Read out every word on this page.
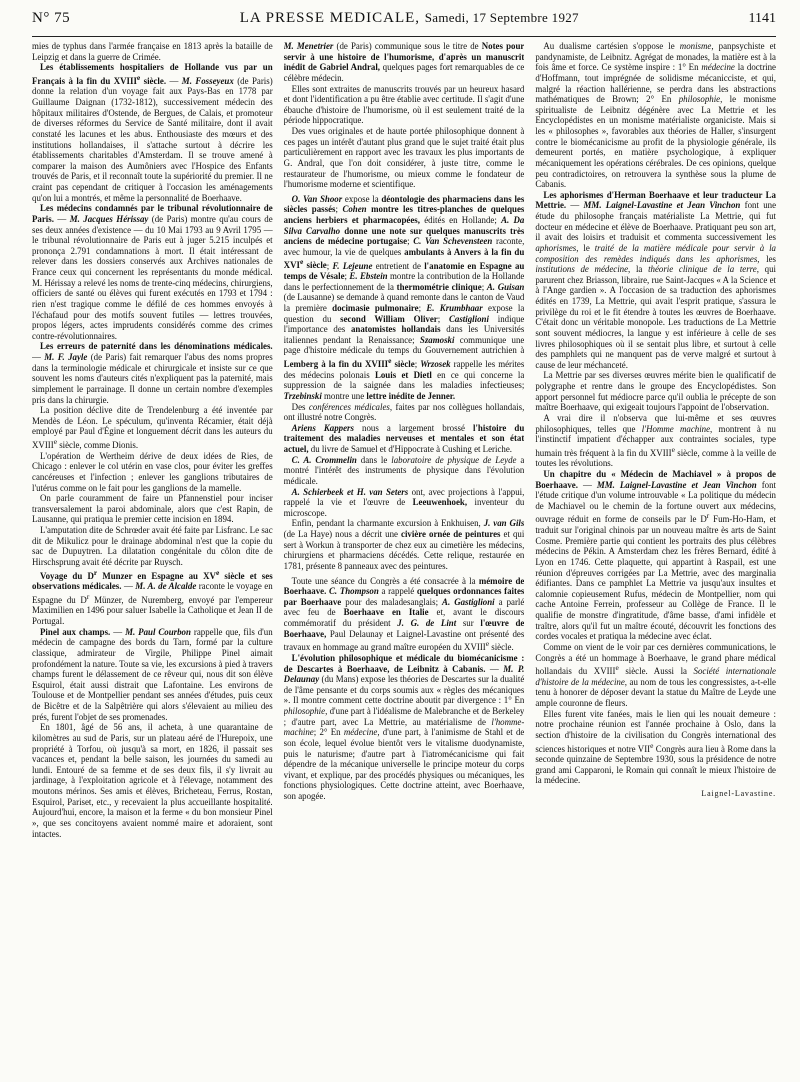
N° 75	LA PRESSE MEDICALE, Samedi, 17 Septembre 1927	1141

mies de typhus dans l'armée française en 1813 après la bataille de Leipzig et dans la guerre de Crimée.

Les établissements hospitaliers de Hollande vus par un Français à la fin du XVIIIe siècle. — M. Fosseyeux (de Paris) donne la relation d'un voyage fait aux Pays-Bas en 1778 par Guillaume Daignan (1732-1812), successivement médecin des hôpitaux militaires d'Ostende, de Bergues, de Calais, et promoteur de diverses réformes du Service de Santé militaire, dont il avait constaté les lacunes et les abus. Enthousiaste des mœurs et des institutions hollandaises, il s'attache surtout à décrire les établissements charitables d'Amsterdam. Il se trouve amené à comparer la maison des Aumôniers avec l'Hospice des Enfants trouvés de Paris, et il reconnaît toute la supériorité du premier. Il ne craint pas cependant de critiquer à l'occasion les aménagements qu'on lui a montrés, et même la personnalité de Boerhaave.

Les médecins condamnés par le tribunal révolutionnaire de Paris. — M. Jacques Hérissay (de Paris) montre qu'au cours de ses deux années d'existence — du 10 Mai 1793 au 9 Avril 1795 — le tribunal révolutionnaire de Paris eut à juger 5.215 inculpés et prononça 2.791 condamnations à mort. Il était intéressant de relever dans les dossiers conservés aux Archives nationales de France ceux qui concernent les représentants du monde médical. M. Hérissay a relevé les noms de trente-cinq médecins, chirurgiens, officiers de santé ou élèves qui furent exécutés en 1793 et 1794 : rien n'est tragique comme le défilé de ces hommes envoyés à l'échafaud pour des motifs souvent futiles — lettres trouvées, propos légers, actes imprudents considérés comme des crimes contre-révolutionnaires.

Les erreurs de paternité dans les dénominations médicales. — M. F. Jayle (de Paris) fait remarquer l'abus des noms propres dans la terminologie médicale et chirurgicale et insiste sur ce que souvent les noms d'auteurs cités n'expliquent pas la paternité, mais simplement le parrainage. Il donne un certain nombre d'exemples pris dans la chirurgie.

La position déclive dite de Trendelenburg a été inventée par Mendès de Léon. Le spéculum, qu'inventa Récamier, était déjà employé par Paul d'Égine et longuement décrit dans les auteurs du XVIIIe siècle, comme Dionis.

L'opération de Wertheim dérive de deux idées de Ries, de Chicago : enlever le col utérin en vase clos, pour éviter les greffes cancéreuses et l'infection ; enlever les ganglions tributaires de l'utérus comme on le fait pour les ganglions de la mamelle.

On parle couramment de faire un Pfannenstiel pour inciser transversalement la paroi abdominale, alors que c'est Rapin, de Lausanne, qui pratiqua le premier cette incision en 1894.

L'amputation dite de Schrœder avait été faite par Lisfranc. Le sac dit de Mikulicz pour le drainage abdominal n'est que la copie du sac de Dupuytren. La dilatation congénitale du côlon dite de Hirschsprung avait été décrite par Ruysch.

Voyage du $D^r$ Munzer en Espagne au XVe siècle et ses observations médicales. — M. A. de Alcalde raconte le voyage en Espagne du $D^r$ Münzer, de Nuremberg, envoyé par l'empereur Maximilien en 1496 pour saluer Isabelle la Catholique et Jean II de Portugal.

Pinel aux champs. — M. Paul Courbon rappelle que, fils d'un médecin de campagne des bords du Tarn, formé par la culture classique, admirateur de Virgile, Philippe Pinel aimait profondément la nature. Toute sa vie, les excursions à pied à travers champs furent le délassement de ce rêveur qui, nous dit son élève Esquirol, était aussi distrait que Lafontaine. Les environs de Toulouse et de Montpellier pendant ses années d'études, puis ceux de Bicêtre et de la Salpêtrière qui alors s'élevaient au milieu des prés, furent l'objet de ses promenades.

En 1801, âgé de 56 ans, il acheta, à une quarantaine de kilomètres au sud de Paris, sur un plateau aéré de l'Hurepoix, une propriété à Torfou, où jusqu'à sa mort, en 1826, il passait ses vacances et, pendant la belle saison, les journées du samedi au lundi. Entouré de sa femme et de ses deux fils, il s'y livrait au jardinage, à l'exploitation agricole et à l'élevage, notamment des moutons mérinos. Ses amis et élèves, Bricheteau, Ferrus, Rostan, Esquirol, Pariset, etc., y recevaient la plus accueillante hospitalité. Aujourd'hui, encore, la maison et la ferme « du bon monsieur Pinel », que ses concitoyens avaient nommé maire et adoraient, sont intactes.

M. Menetrier (de Paris) communique sous le titre de Notes pour servir à une histoire de l'humorisme, d'après un manuscrit inédit de Gabriel Andral, quelques pages fort remarquables de ce célèbre médecin.

Elles sont extraites de manuscrits trouvés par un heureux hasard et dont l'identification a pu être établie avec certitude. Il s'agit d'une ébauche d'histoire de l'humorisme, où il est seulement traité de la période hippocratique.

Des vues originales et de haute portée philosophique donnent à ces pages un intérêt d'autant plus grand que le sujet traité était plus particulièrement en rapport avec les travaux les plus importants de G. Andral, que l'on doit considérer, à juste titre, comme le restaurateur de l'humorisme, ou mieux comme le fondateur de l'humorisme moderne et scientifique.

O. Van Shoor expose la déontologie des pharmaciens dans les siècles passés; Cohen montre les titres-planches de quelques anciens herbiers et pharmacopées, édités en Hollande; A. Da Silva Carvalho donne une note sur quelques manuscrits très anciens de médecine portugaise; C. Van Schevensteen raconte, avec humour, la vie de quelques ambulants à Anvers à la fin du XVIe siècle; F. Lejeune entretient de l'anatomie en Espagne au temps de Vésale; E. Ebstein montre la contribution de la Hollande dans le perfectionnement de la thermométrie clinique; A. Guisan (de Lausanne) se demande à quand remonte dans le canton de Vaud la première docimasie pulmonaire; E. Krumbhaar expose la question du second William Oliver; Castiglioni indique l'importance des anatomistes hollandais dans les Universités italiennes pendant la Renaissance; Szamoski communique une page d'histoire médicale du temps du Gouvernement autrichien à Lemberg à la fin du XVIIIe siècle; Wrzosek rappelle les mérites des médecins polonais Louis et Dietl en ce qui concerne la suppression de la saignée dans les maladies infectieuses; Trzebinski montre une lettre inédite de Jenner.

Des conférences médicales, faites par nos collègues hollandais, ont illustré notre Congrès.

Ariens Kappers nous a largement brossé l'histoire du traitement des maladies nerveuses et mentales et son état actuel, du livre de Samuel et d'Hippocrate à Cushing et Leriche.

C. A. Crommelin dans le laboratoire de physique de Leyde a montré l'intérêt des instruments de physique dans l'évolution médicale.

A. Schierbeek et H. van Seters ont, avec projections à l'appui, rappelé la vie et l'œuvre de Leeuwenhoek, inventeur du microscope.

Enfin, pendant la charmante excursion à Enkhuisen, J. van Gils (de La Haye) nous a décrit une civière ornée de peintures et qui sert à Workun à transporter de chez eux au cimetière les médecins, chirurgiens et pharmaciens décédés. Cette relique, restaurée en 1781, présente 8 panneaux avec des peintures.

Toute une séance du Congrès a été consacrée à la mémoire de Boerhaave. C. Thompson a rappelé quelques ordonnances faites par Boerhaave pour des maladesanglais; A. Gastiglioni a parlé avec feu de Boerhaave en Italie et, avant le discours commémoratif du président J. G. de Lint sur l'œuvre de Boerhaave, Paul Delaunay et Laignel-Lavastine ont présenté des travaux en hommage au grand maître européen du XVIIIe siècle.

L'évolution philosophique et médicale du biomécanicisme : de Descartes à Boerhaave, de Leibnitz à Cabanis. — M. P. Delaunay (du Mans) expose les théories de Descartes sur la dualité de l'âme pensante et du corps soumis aux « règles des mécaniques ». Il montre comment cette doctrine aboutit par divergence : 1° En philosophie, d'une part à l'idéalisme de Malebranche et de Berkeley ; d'autre part, avec La Mettrie, au matérialisme de l'homme-machine; 2° En médecine, d'une part, à l'animisme de Stahl et de son école, lequel évolue bientôt vers le vitalisme duodynamiste, puis le naturisme; d'autre part à l'iatromécanicisme qui fait dépendre de la mécanique universelle le principe moteur du corps vivant, et explique, par des procédés physiques ou mécaniques, les fonctions physiologiques. Cette doctrine atteint, avec Boerhaave, son apogée.

Au dualisme cartésien s'oppose le monisme, panpsychiste et pandynamiste, de Leibnitz. Agrégat de monades, la matière est à la fois âme et force. Ce système inspire : 1° En médecine la doctrine d'Hoffmann, tout imprégnée de solidisme mécanicciste, et qui, malgré la réaction hallérienne, se perdra dans les abstractions mathématiques de Brown; 2° En philosophie, le monisme spiritualiste de Leibnitz dégénère avec La Mettrie et les Encyclopédistes en un monisme matérialiste organiciste. Mais si les « philosophes », favorables aux théories de Haller, s'insurgent contre le biomécanicisme au profit de la physiologie générale, ils demeurent portés, en matière psychologique, à expliquer mécaniquement les opérations cérébrales. De ces opinions, quelque peu contradictoires, on retrouvera la synthèse sous la plume de Cabanis.

Les aphorismes d'Herman Boerhaave et leur traducteur La Mettrie. — MM. Laignel-Lavastine et Jean Vinchon font une étude du philosophe français matérialiste La Mettrie, qui fut docteur en médecine et élève de Boerhaave. Pratiquant peu son art, il avait des loisirs et traduisit et commenta successivement les aphorismes, le traité de la matière médicale pour servir à la composition des remèdes indiqués dans les aphorismes, les institutions de médecine, la théorie clinique de la terre, qui parurent chez Briasson, libraire, rue Saint-Jacques « A la Science et à l'Ange gardien ». A l'occasion de sa traduction des aphorismes édités en 1739, La Mettrie, qui avait l'esprit pratique, s'assura le privilège du roi et le fit étendre à toutes les œuvres de Boerhaave. C'était donc un véritable monopole. Les traductions de La Mettrie sont souvent médiocres, la langue y est inférieure à celle de ses livres philosophiques où il se sentait plus libre, et surtout à celle des pamphlets qui ne manquent pas de verve malgré et surtout à cause de leur méchanceté.

La Mettrie par ses diverses œuvres mérite bien le qualificatif de polygraphe et rentre dans le groupe des Encyclopédistes. Son apport personnel fut médiocre parce qu'il oublia le précepte de son maître Boerhaave, qui exigeait toujours l'appoint de l'observation.

A vrai dire il n'observa que lui-même et ses œuvres philosophiques, telles que l'Homme machine, montrent à nu l'instinctif impatient d'échapper aux contraintes sociales, type humain très fréquent à la fin du XVIIIe siècle, comme à la veille de toutes les révolutions.

Un chapitre du « Médecin de Machiavel » à propos de Boerhaave. — MM. Laignel-Lavastine et Jean Vinchon font l'étude critique d'un volume introuvable « La politique du médecin de Machiavel ou le chemin de la fortune ouvert aux médecins, ouvrage réduit en forme de conseils par le $D^r$ Fum-Ho-Ham, et traduit sur l'original chinois par un nouveau maître ès arts de Saint Cosme. Première partie qui contient les portraits des plus célèbres médecins de Pékin. A Amsterdam chez les frères Bernard, édité à Lyon en 1746. Cette plaquette, qui appartint à Raspail, est une réunion d'épreuves corrigées par La Mettrie, avec des marginalia édifiantes. Dans ce pamphlet La Mettrie va jusqu'aux insultes et calomnie copieusement Rufus, médecin de Montpellier, nom qui cache Antoine Ferrein, professeur au Collège de France. Il le qualifie de monstre d'ingratitude, d'âme basse, d'ami infidèle et traître, alors qu'il fut un maître écouté, découvrit les fonctions des cordes vocales et pratiqua la médecine avec éclat.

Comme on vient de le voir par ces dernières communications, le Congrès a été un hommage à Boerhaave, le grand phare médical hollandais du XVIIIe siècle. Aussi la Société internationale d'histoire de la médecine, au nom de tous les congressistes, a-t-elle tenu à honorer de déposer devant la statue du Maître de Leyde une ample couronne de fleurs.

Elles furent vite fanées, mais le lien qui les nouait demeure : notre prochaine réunion est l'année prochaine à Oslo, dans la section d'histoire de la civilisation du Congrès international des sciences historiques et notre VIIe Congrès aura lieu à Rome dans la seconde quinzaine de Septembre 1930, sous la présidence de notre grand ami Capparoni, le Romain qui connaît le mieux l'histoire de la médecine.

Laignel-Lavastine.
